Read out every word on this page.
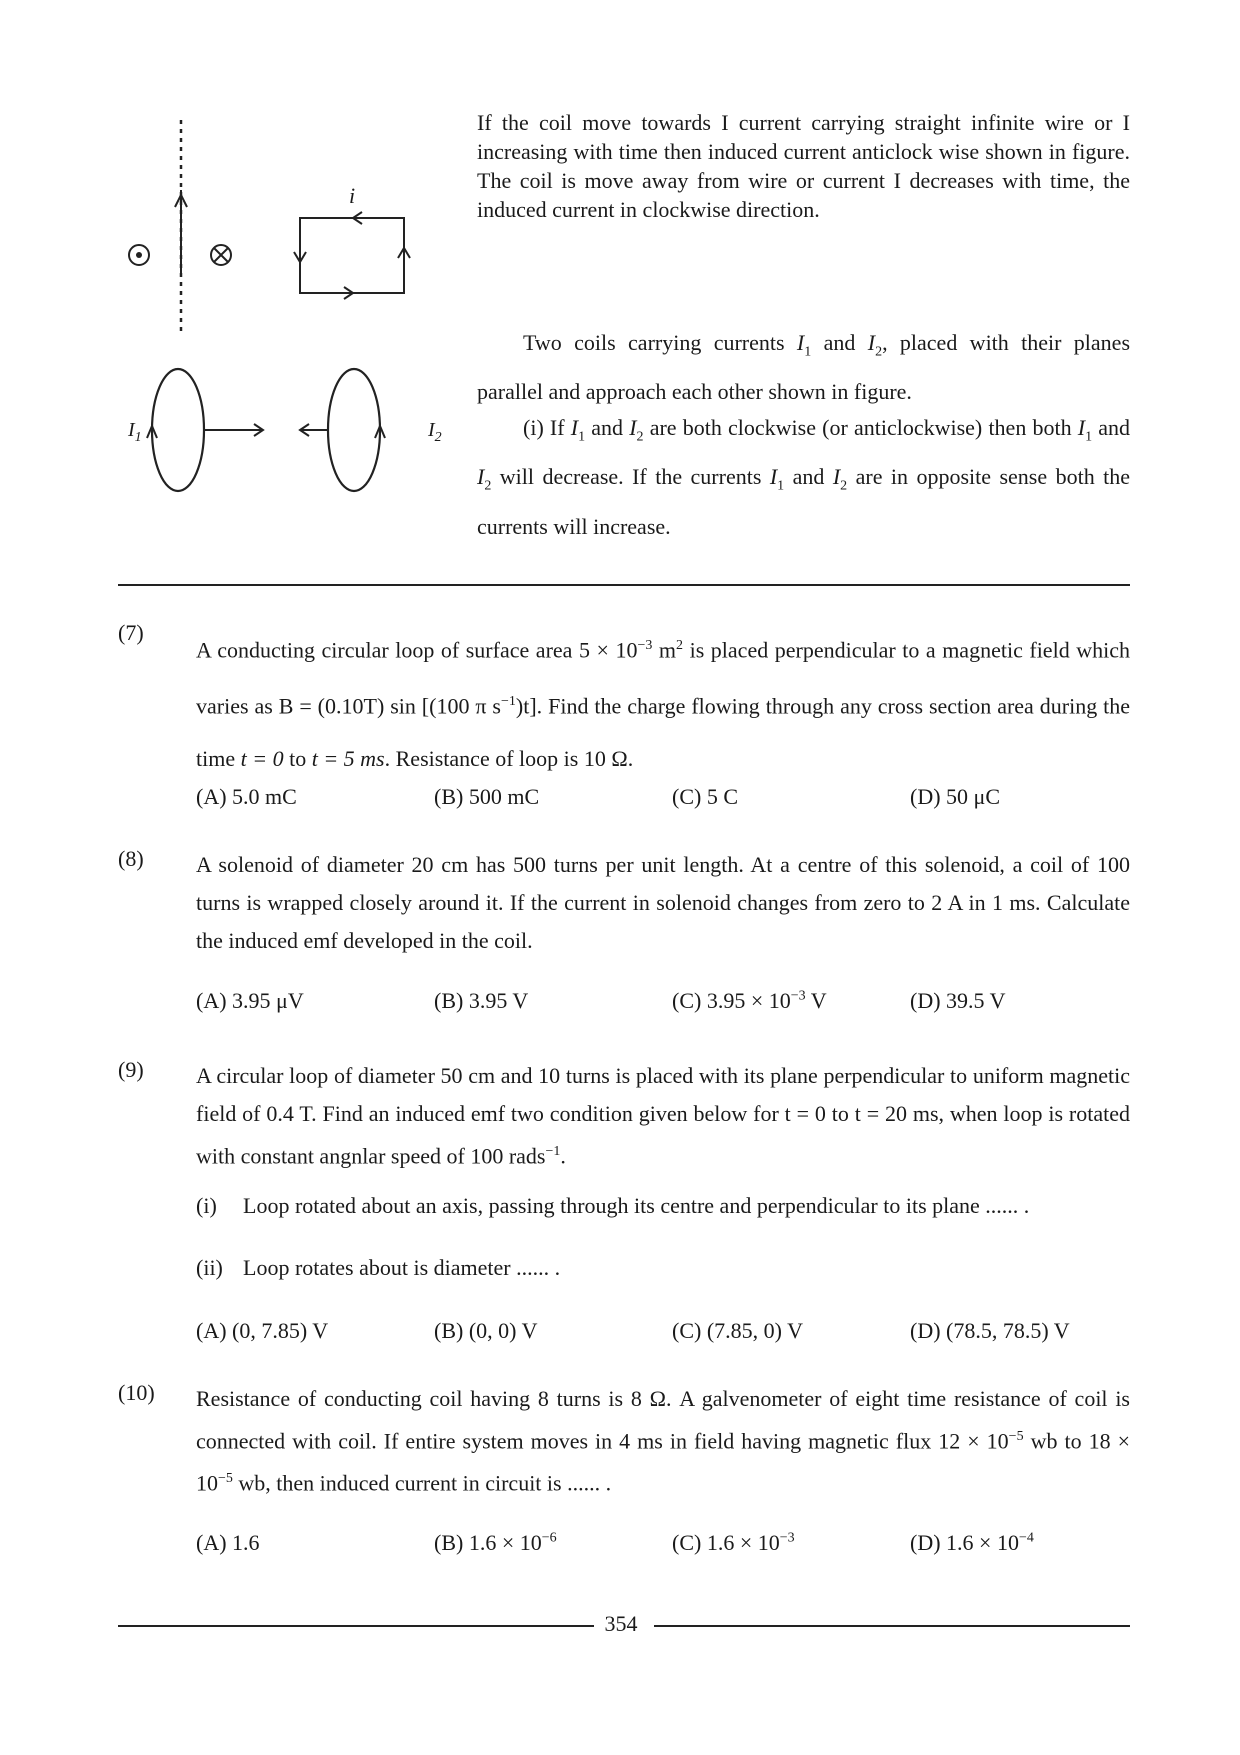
i
$I_1$	$I_2$
If the coil move towards I current carrying straight infinite wire or I increasing with time then induced current anticlock wise shown in figure. The coil is move away from wire or current I decreases with time, the induced current in clockwise direction.
Two coils carrying currents $I_1$ and $I_2$, placed with their planes parallel and approach each other shown in figure.
(i) If $I_1$ and $I_2$ are both clockwise (or anticlockwise) then both $I_1$ and $I_2$ will decrease. If the currents $I_1$ and $I_2$ are in opposite sense both the currents will increase.
(7)
A conducting circular loop of surface area $5 \times 10^{-3}$ $m^2$ is placed perpendicular to a magnetic field which varies as B = (0.10T) sin [(100 π $s^{-1})t$]. Find the charge flowing through any cross section area during the time t = 0 to t = 5 ms. Resistance of loop is 10 Ω.
(A) 5.0 mC	(B) 500 mC	(C) 5 C	(D) 50 μC
(8) A solenoid of diameter 20 cm has 500 turns per unit length. At a centre of this solenoid, a coil of 100 turns is wrapped closely around it. If the current in solenoid changes from zero to 2 A in 1 ms. Calculate the induced emf developed in the coil.
(A) 3.95 μV	(B) 3.95 V	(C) $3.95 \times 10^{-3}$ V	(D) 39.5 V
(9) A circular loop of diameter 50 cm and 10 turns is placed with its plane perpendicular to uniform magnetic field of 0.4 T. Find an induced emf two condition given below for t = 0 to t = 20 ms, when loop is rotated with constant angnlar speed of 100 rads$^{-1}$.
(i) Loop rotated about an axis, passing through its centre and perpendicular to its plane ...... .
(ii) Loop rotates about is diameter ...... .
(A) (0, 7.85) V	(B) (0, 0) V	(C) (7.85, 0) V	(D) (78.5, 78.5) V
(10) Resistance of conducting coil having 8 turns is 8 Ω. A galvenometer of eight time resistance of coil is connected with coil. If entire system moves in 4 ms in field having magnetic flux $12 \times 10^{-5}$ wb to $18 \times 10^{-5}$ wb, then induced current in circuit is ...... .
(A) 1.6	(B) $1.6 \times 10^{-6}$	(C) $1.6 \times 10^{-3}$	(D) $1.6 \times 10^{-4}$
354
